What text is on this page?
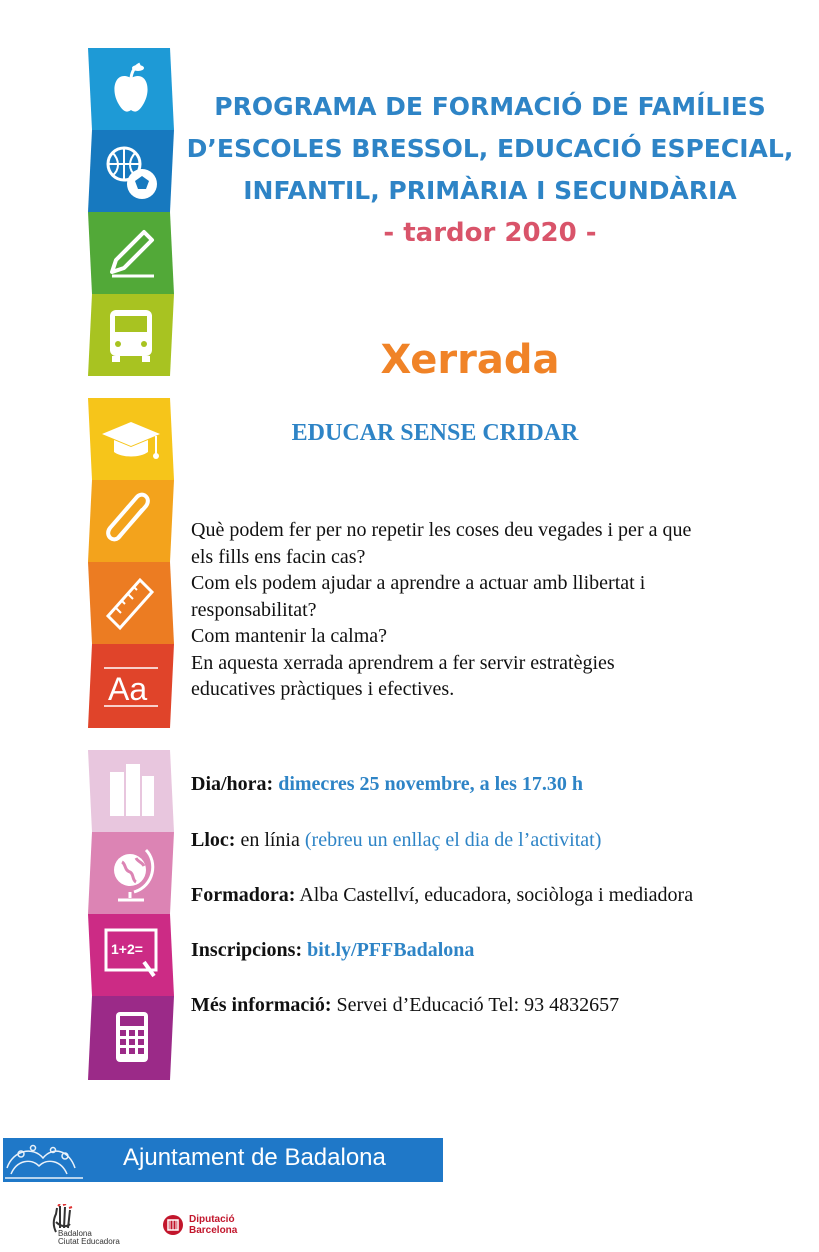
Aa
1+2=
PROGRAMA DE FORMACIÓ DE FAMÍLIES
D’ESCOLES BRESSOL, EDUCACIÓ ESPECIAL,
INFANTIL, PRIMÀRIA I SECUNDÀRIA
- tardor 2020 -
Xerrada
EDUCAR SENSE CRIDAR
Què podem fer per no repetir les coses deu vegades i per a que
els fills ens facin cas?
Com els podem ajudar a aprendre a actuar amb llibertat i
responsabilitat?
Com mantenir la calma?
En aquesta xerrada aprendrem a fer servir estratègies
educatives pràctiques i efectives.
Dia/hora: dimecres 25 novembre, a les 17.30 h
Lloc: en línia (rebreu un enllaç el dia de l’activitat)
Formadora: Alba Castellví, educadora, sociòloga i mediadora
Inscripcions: bit.ly/PFFBadalona
Més informació: Servei d’Educació Tel: 93 4832657
Ajuntament de Badalona
Badalona
Ciutat Educadora
Diputació
Barcelona
